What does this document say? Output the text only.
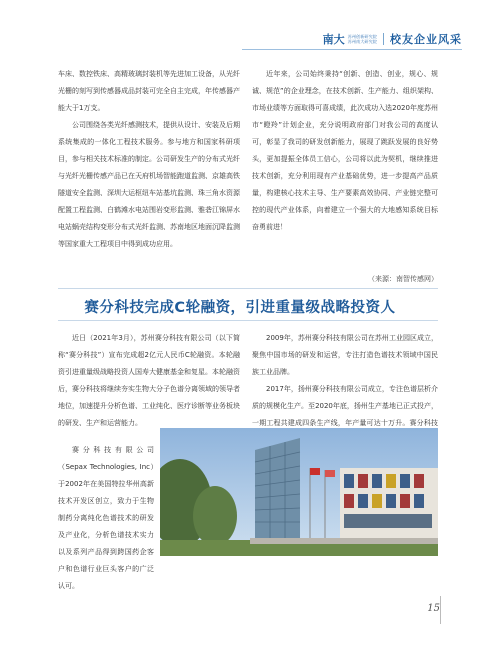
南大 苏州创新研究院
苏州南大研究院 校友企业风采

车床、数控铁床、高精玻璃封装机等先进加工设备，从光纤光栅的刻写到传感器成品封装可完全自主完成，年传感器产能大于1万支。

公司围绕各类光纤感测技术，提供从设计、安装及后期系统集成的一体化工程技术服务。参与地方和国家科研项目，参与相关技术标准的制定。公司研发生产的分布式光纤与光纤光栅传感产品已在天府机场智能跑道监测、京雄高铁隧道安全监测、深圳大运枢纽车站基坑监测、珠三角水资源配置工程监测、白鹤滩水电站围岩变形监测、雅砻江锦屏水电站蜗壳结构变形分布式光纤监测、苏南地区地面沉降监测等国家重大工程项目中得到成功应用。

近年来，公司始终秉持“创新、创造、创业，规心、规诚、规范”的企业理念，在技术创新、生产能力、组织架构、市场业绩等方面取得可喜成绩，此次成功入选2020年度苏州市“瞪羚”计划企业，充分说明政府部门对我公司的高度认可，彰显了我司的研发创新能力，展现了跳跃发展的良好势头，更加提振全体员工信心，公司将以此为契机，继续推进技术创新，充分利用现有产业基础优势，进一步提高产品质量，构建核心技术主导、生产要素高效协同、产业链完整可控的现代产业体系，向着建立一个强大的大地感知系统目标奋勇前进！

（来源：南智传感网）
赛分科技完成C轮融资，引进重量级战略投资人

近日（2021年3月），苏州赛分科技有限公司（以下简称“赛分科技”）宣布完成超2亿元人民币C轮融资。本轮融资引进重量级战略投资人国寿大健康基金和复星。本轮融资后，赛分科技将继续夯实生物大分子色谱分离领域的领导者地位，加速提升分析色谱、工业纯化、医疗诊断等业务板块的研发、生产和运营能力。

2009年，苏州赛分科技有限公司在苏州工业园区成立，聚焦中国市场的研发和运营，专注打造色谱技术领域中国民族工业品牌。

2017年，扬州赛分科技有限公司成立，专注色谱层析介质的规模化生产。至2020年底，扬州生产基地已正式投产，一期工程共建成四条生产线，年产量可达十万升。赛分科技

赛分科技有限公司（Sepax Technologies, Inc）于2002年在美国特拉华州高新技术开发区创立，致力于生物制药分离纯化色谱技术的研发及产业化，分析色谱技术实力以及系列产品得到跨国药企客户和色谱行业巨头客户的广泛认可。

15
